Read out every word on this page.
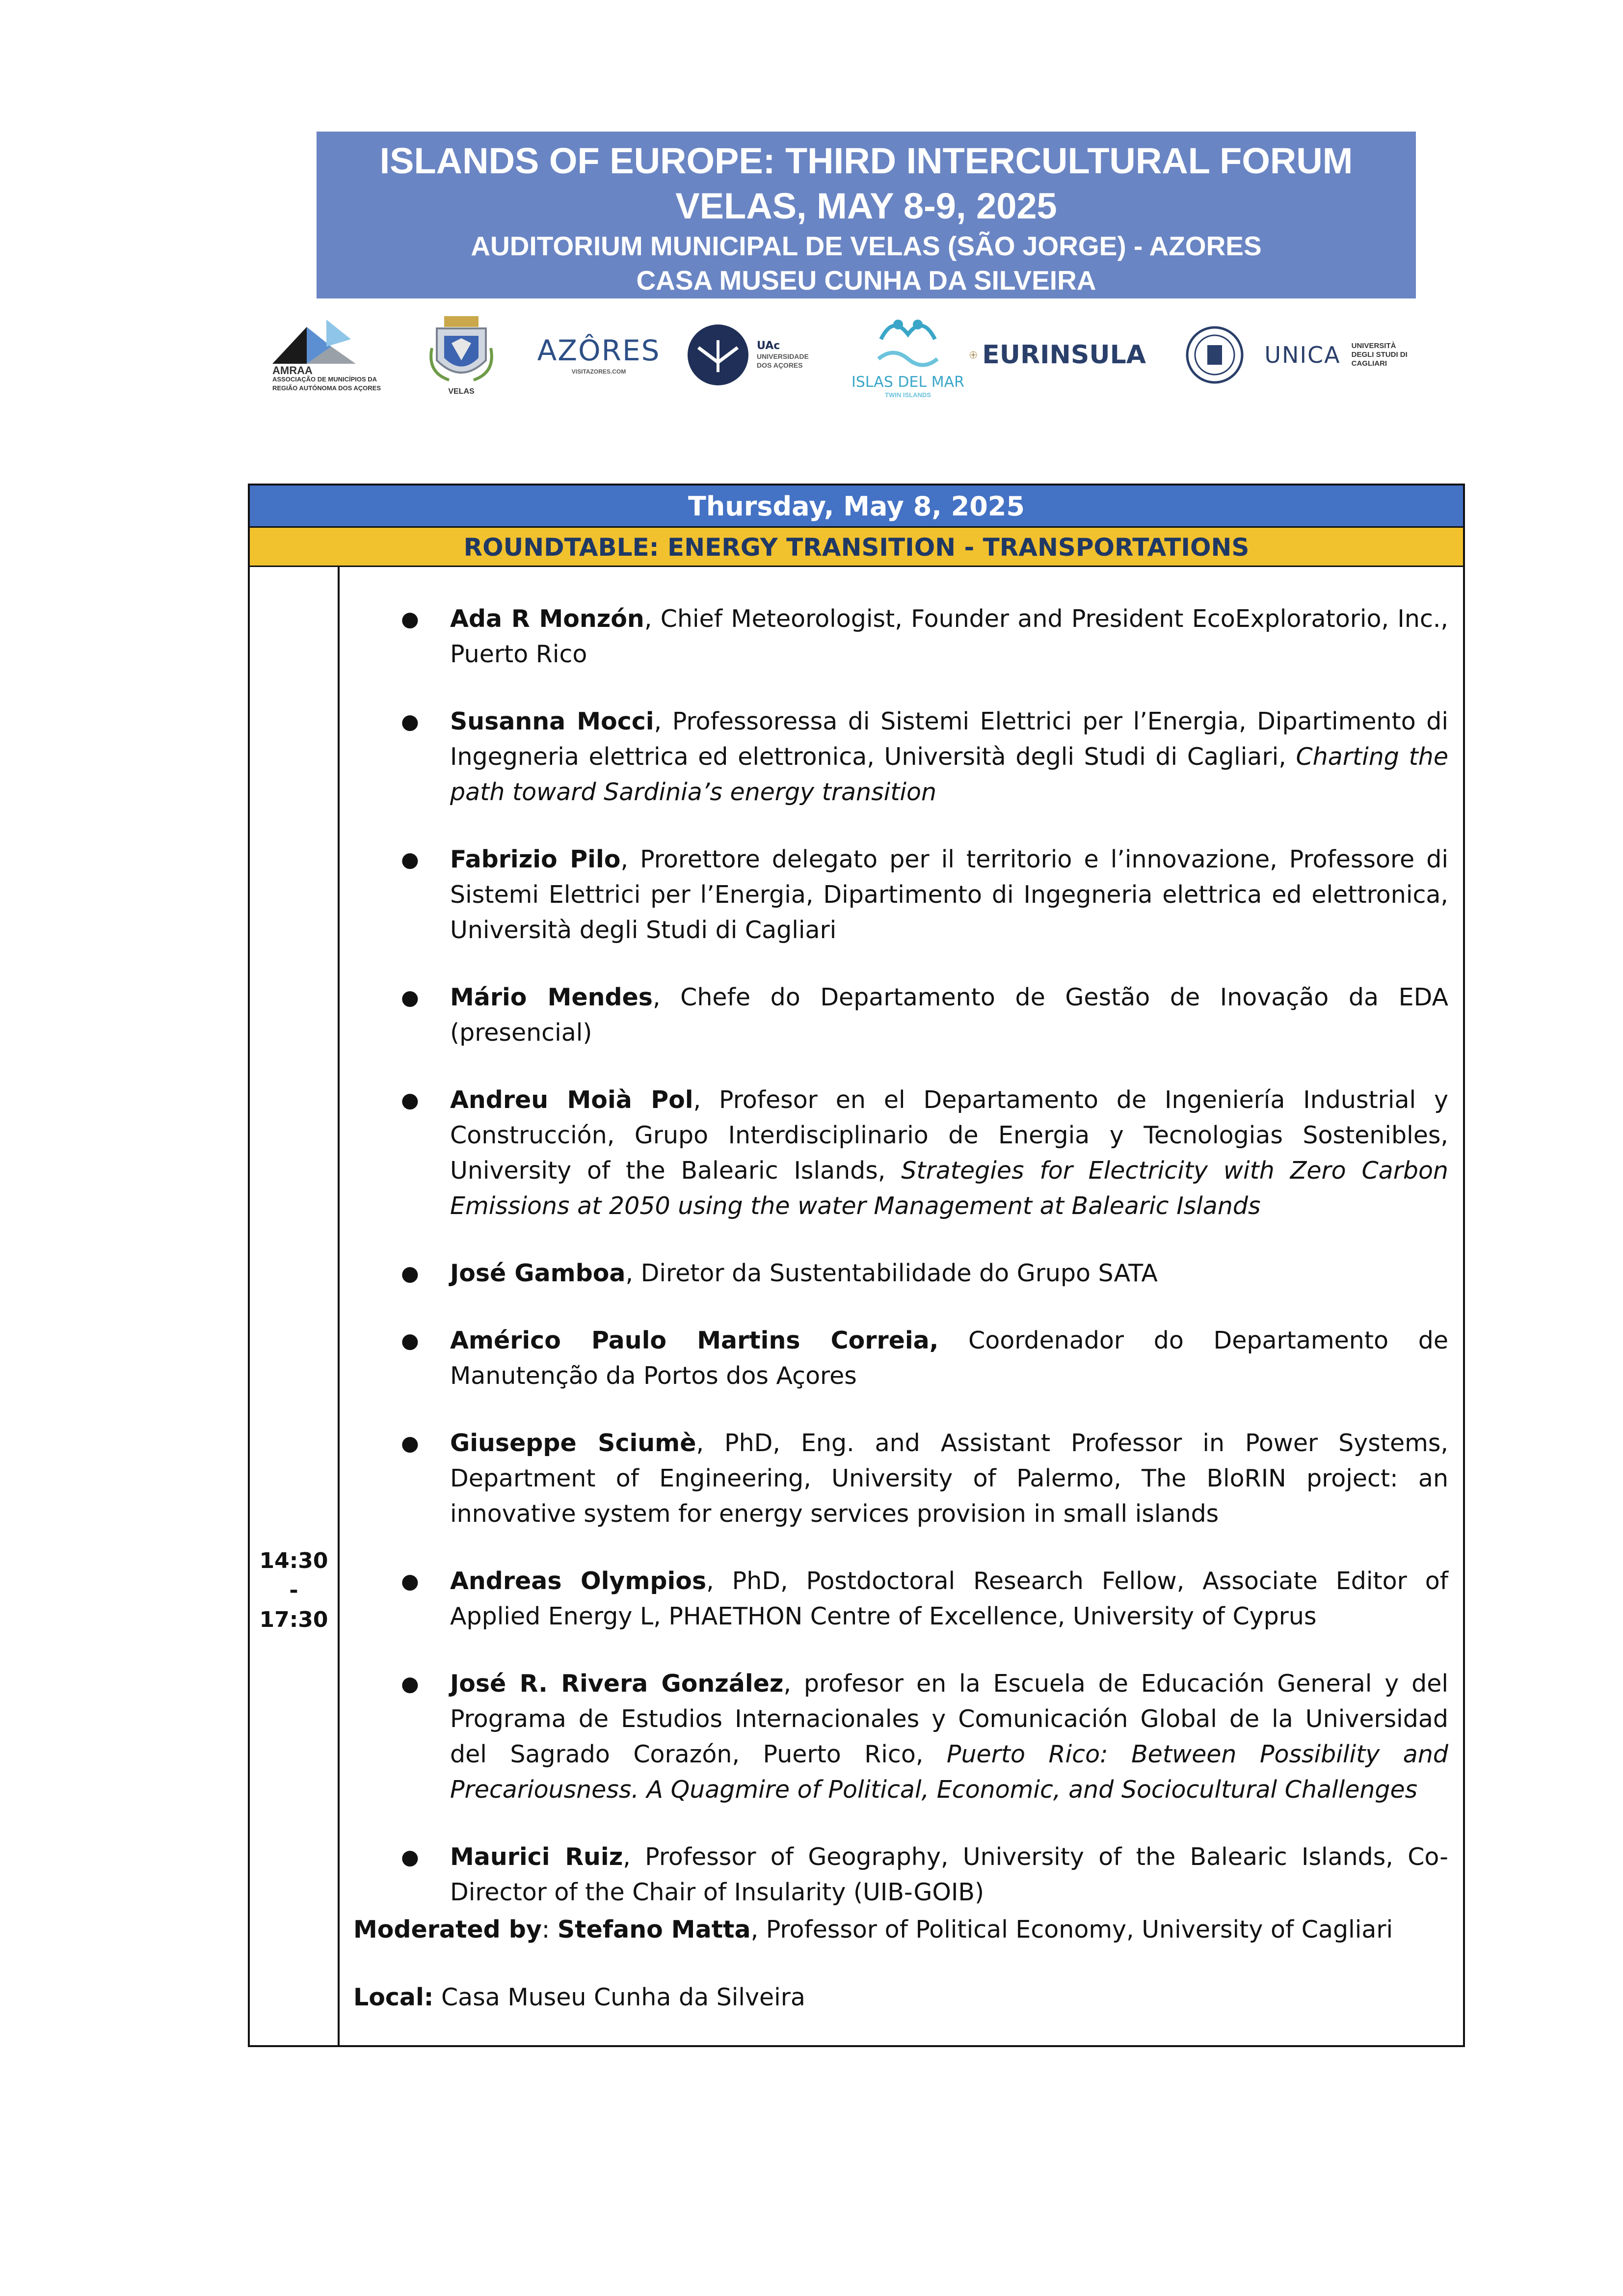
ISLANDS OF EUROPE: THIRD INTERCULTURAL FORUM
VELAS, MAY 8-9, 2025
AUDITORIUM MUNICIPAL DE VELAS (SÃO JORGE) - AZORES
CASA MUSEU CUNHA DA SILVEIRA
AMRAA
ASSOCIAÇÃO DE MUNICÍPIOS DA REGIÃO AUTÓNOMA DOS AÇORES	VELAS
AZÔRES
VISITAZORES.COM
UAc
UNIVERSIDADE DOS AÇORES
ISLAS DEL MAR
TWIN ISLANDS
EURINSULA	UNICA UNIVERSITÀ DEGLI STUDI DI CAGLIARI
Thursday, May 8, 2025
ROUNDTABLE: ENERGY TRANSITION - TRANSPORTATIONS
14:30
-
17:30
● Ada R Monzón, Chief Meteorologist, Founder and President EcoExploratorio, Inc., Puerto Rico
● Susanna Mocci, Professoressa di Sistemi Elettrici per l’Energia, Dipartimento di Ingegneria elettrica ed elettronica, Università degli Studi di Cagliari, Charting the path toward Sardinia’s energy transition
● Fabrizio Pilo, Prorettore delegato per il territorio e l’innovazione, Professore di Sistemi Elettrici per l’Energia, Dipartimento di Ingegneria elettrica ed elettronica, Università degli Studi di Cagliari
● Mário Mendes, Chefe do Departamento de Gestão de Inovação da EDA (presencial)
● Andreu Moià Pol, Profesor en el Departamento de Ingeniería Industrial y Construcción, Grupo Interdisciplinario de Energia y Tecnologias Sostenibles, University of the Balearic Islands, Strategies for Electricity with Zero Carbon Emissions at 2050 using the water Management at Balearic Islands
● José Gamboa, Diretor da Sustentabilidade do Grupo SATA
● Américo Paulo Martins Correia, Coordenador do Departamento de Manutenção da Portos dos Açores
● Giuseppe Sciumè, PhD, Eng. and Assistant Professor in Power Systems, Department of Engineering, University of Palermo, The BloRIN project: an innovative system for energy services provision in small islands
● Andreas Olympios, PhD, Postdoctoral Research Fellow, Associate Editor of Applied Energy L, PHAETHON Centre of Excellence, University of Cyprus
● José R. Rivera González, profesor en la Escuela de Educación General y del Programa de Estudios Internacionales y Comunicación Global de la Universidad del Sagrado Corazón, Puerto Rico, Puerto Rico: Between Possibility and Precariousness. A Quagmire of Political, Economic, and Sociocultural Challenges
● Maurici Ruiz, Professor of Geography, University of the Balearic Islands, Co-Director of the Chair of Insularity (UIB-GOIB)
Moderated by: Stefano Matta, Professor of Political Economy, University of Cagliari
Local: Casa Museu Cunha da Silveira
